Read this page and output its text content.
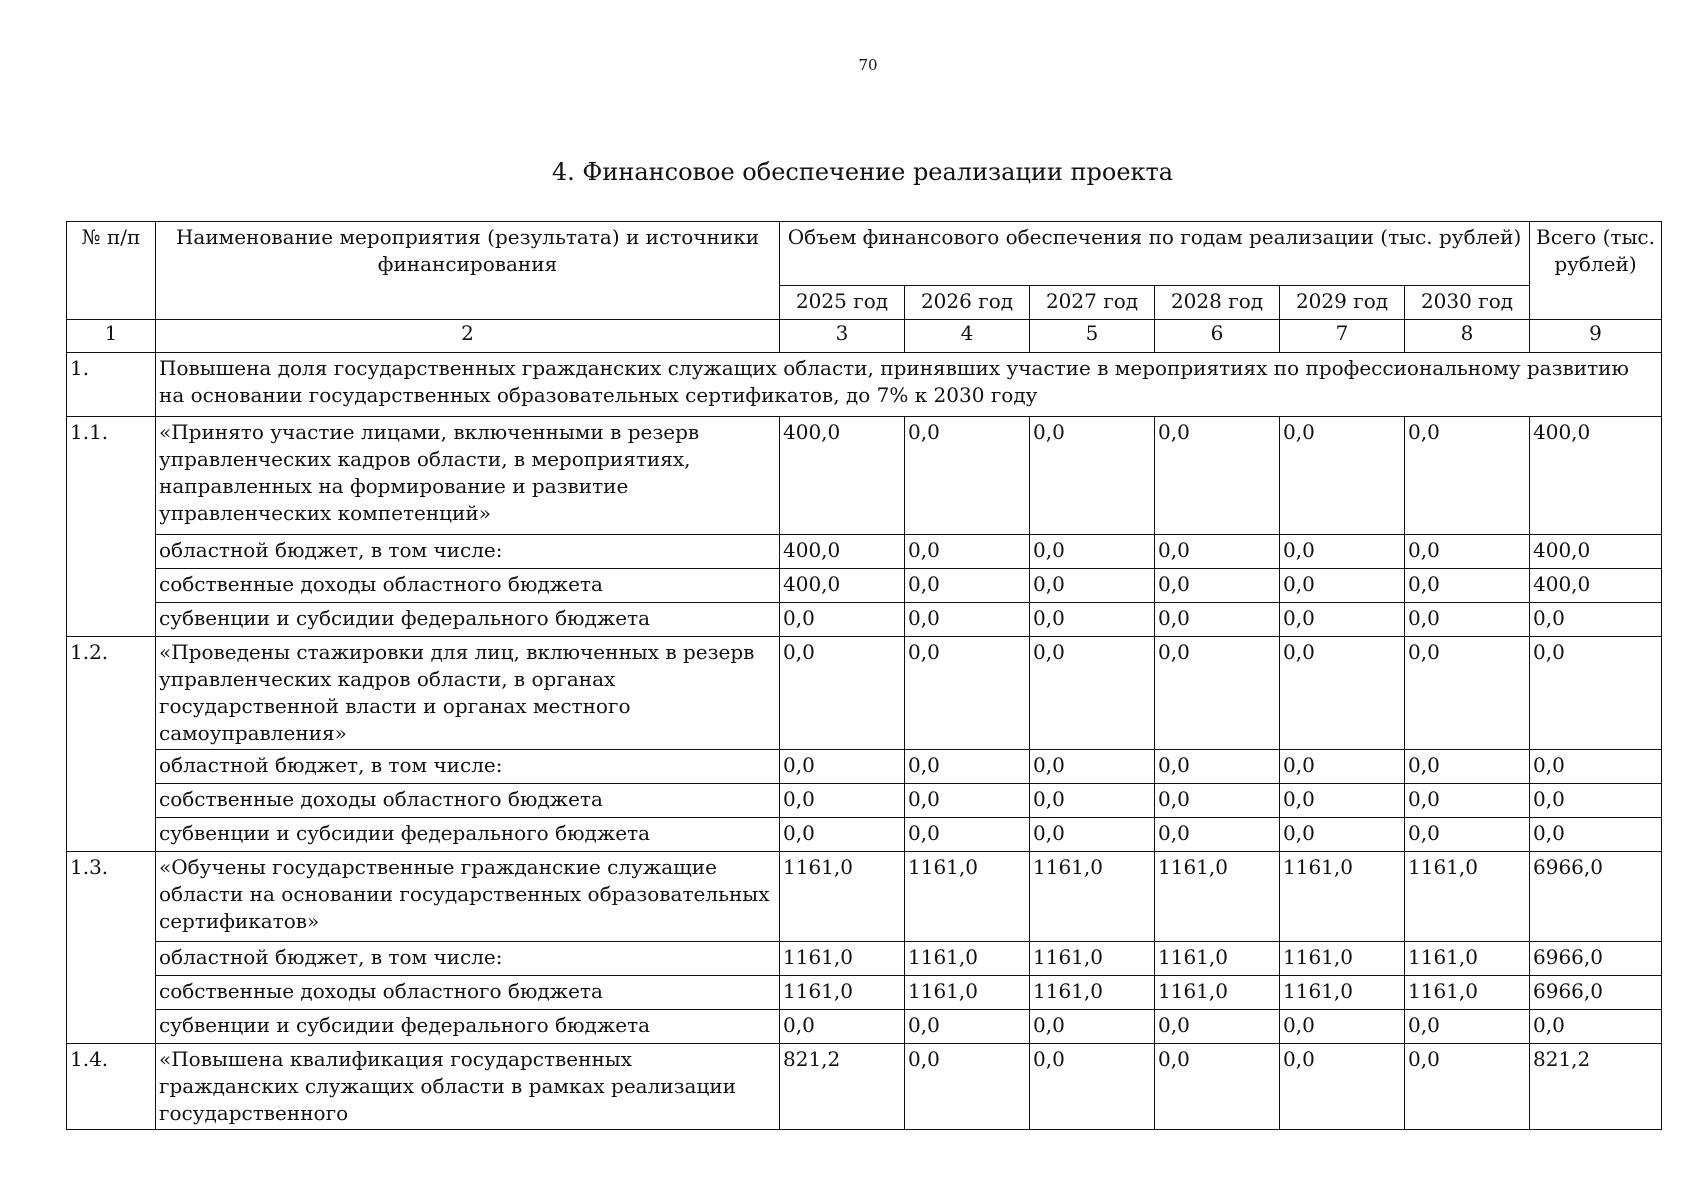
70
4. Финансовое обеспечение реализации проекта
№ п/п	Наименование мероприятия (результата) и источники финансирования	Объем финансового обеспечения по годам реализации (тыс. рублей)						Всего (тыс. рублей)
		2025 год	2026 год	2027 год	2028 год	2029 год	2030 год	
1	2	3	4	5	6	7	8	9
1.	Повышена доля государственных гражданских служащих области, принявших участие в мероприятиях по профессиональному развитию на основании государственных образовательных сертификатов, до 7% к 2030 году							
1.1.	«Принято участие лицами, включенными в резерв управленческих кадров области, в мероприятиях, направленных на формирование и развитие управленческих компетенций»	400,0	0,0	0,0	0,0	0,0	0,0	400,0
	областной бюджет, в том числе:	400,0	0,0	0,0	0,0	0,0	0,0	400,0
	собственные доходы областного бюджета	400,0	0,0	0,0	0,0	0,0	0,0	400,0
	субвенции и субсидии федерального бюджета	0,0	0,0	0,0	0,0	0,0	0,0	0,0
1.2.	«Проведены стажировки для лиц, включенных в резерв управленческих кадров области, в органах государственной власти и органах местного самоуправления»	0,0	0,0	0,0	0,0	0,0	0,0	0,0
	областной бюджет, в том числе:	0,0	0,0	0,0	0,0	0,0	0,0	0,0
	собственные доходы областного бюджета	0,0	0,0	0,0	0,0	0,0	0,0	0,0
	субвенции и субсидии федерального бюджета	0,0	0,0	0,0	0,0	0,0	0,0	0,0
1.3.	«Обучены государственные гражданские служащие области на основании государственных образовательных сертификатов»	1161,0	1161,0	1161,0	1161,0	1161,0	1161,0	6966,0
	областной бюджет, в том числе:	1161,0	1161,0	1161,0	1161,0	1161,0	1161,0	6966,0
	собственные доходы областного бюджета	1161,0	1161,0	1161,0	1161,0	1161,0	1161,0	6966,0
	субвенции и субсидии федерального бюджета	0,0	0,0	0,0	0,0	0,0	0,0	0,0
1.4.	«Повышена квалификация государственных гражданских служащих области в рамках реализации государственного	821,2	0,0	0,0	0,0	0,0	0,0	821,2
